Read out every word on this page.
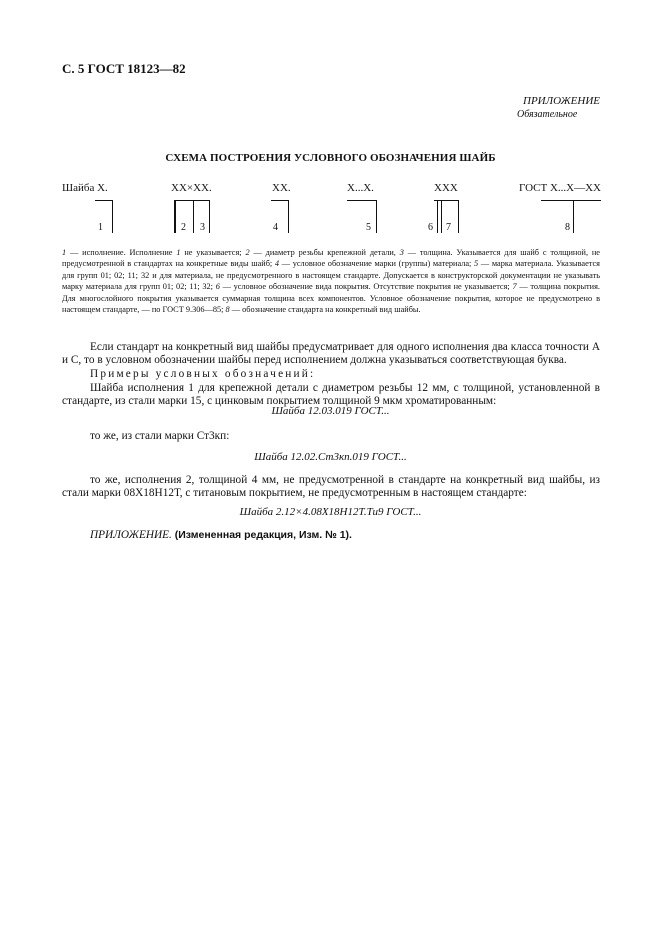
С. 5 ГОСТ 18123—82
ПРИЛОЖЕНИЕ

Обязательное
СХЕМА ПОСТРОЕНИЯ УСЛОВНОГО ОБОЗНАЧЕНИЯ ШАЙБ
Шайба Х.	XX×XX.	XX.	X...X.	XXX	ГОСТ Х...Х—ХХ
1	2 3	4	5	6 7	8
1 — исполнение. Исполнение 1 не указывается; 2 — диаметр резьбы крепежной детали, 3 — толщина. Указывается для шайб с толщиной, не предусмотренной в стандартах на конкретные виды шайб; 4 — условное обозначение марки (группы) материала; 5 — марка материала. Указывается для групп 01; 02; 11; 32 и для материала, не предусмотренного в настоящем стандарте. Допускается в конструкторской документации не указывать марку материала для групп 01; 02; 11; 32; 6 — условное обозначение вида покрытия. Отсутствие покрытия не указывается; 7 — толщина покрытия. Для многослойного покрытия указывается суммарная толщина всех компонентов. Условное обозначение покрытия, которое не предусмотрено в настоящем стандарте, — по ГОСТ 9.306—85; 8 — обозначение стандарта на конкретный вид шайбы.
Если стандарт на конкретный вид шайбы предусматривает для одного исполнения два класса точности А и С, то в условном обозначении шайбы перед исполнением должна указываться соответствующая буква.
Примеры условных обозначений:
Шайба исполнения 1 для крепежной детали с диаметром резьбы 12 мм, с толщиной, установленной в стандарте, из стали марки 15, с цинковым покрытием толщиной 9 мкм хроматированным:
Шайба 12.03.019 ГОСТ...
то же, из стали марки Ст3кп:
Шайба 12.02.Ст3кп.019 ГОСТ...
то же, исполнения 2, толщиной 4 мм, не предусмотренной в стандарте на конкретный вид шайбы, из стали марки 08Х18Н12Т, с титановым покрытием, не предусмотренным в настоящем стандарте:
Шайба 2.12×4.08Х18Н12Т.Ти9 ГОСТ...
ПРИЛОЖЕНИЕ. (Измененная редакция, Изм. № 1).
